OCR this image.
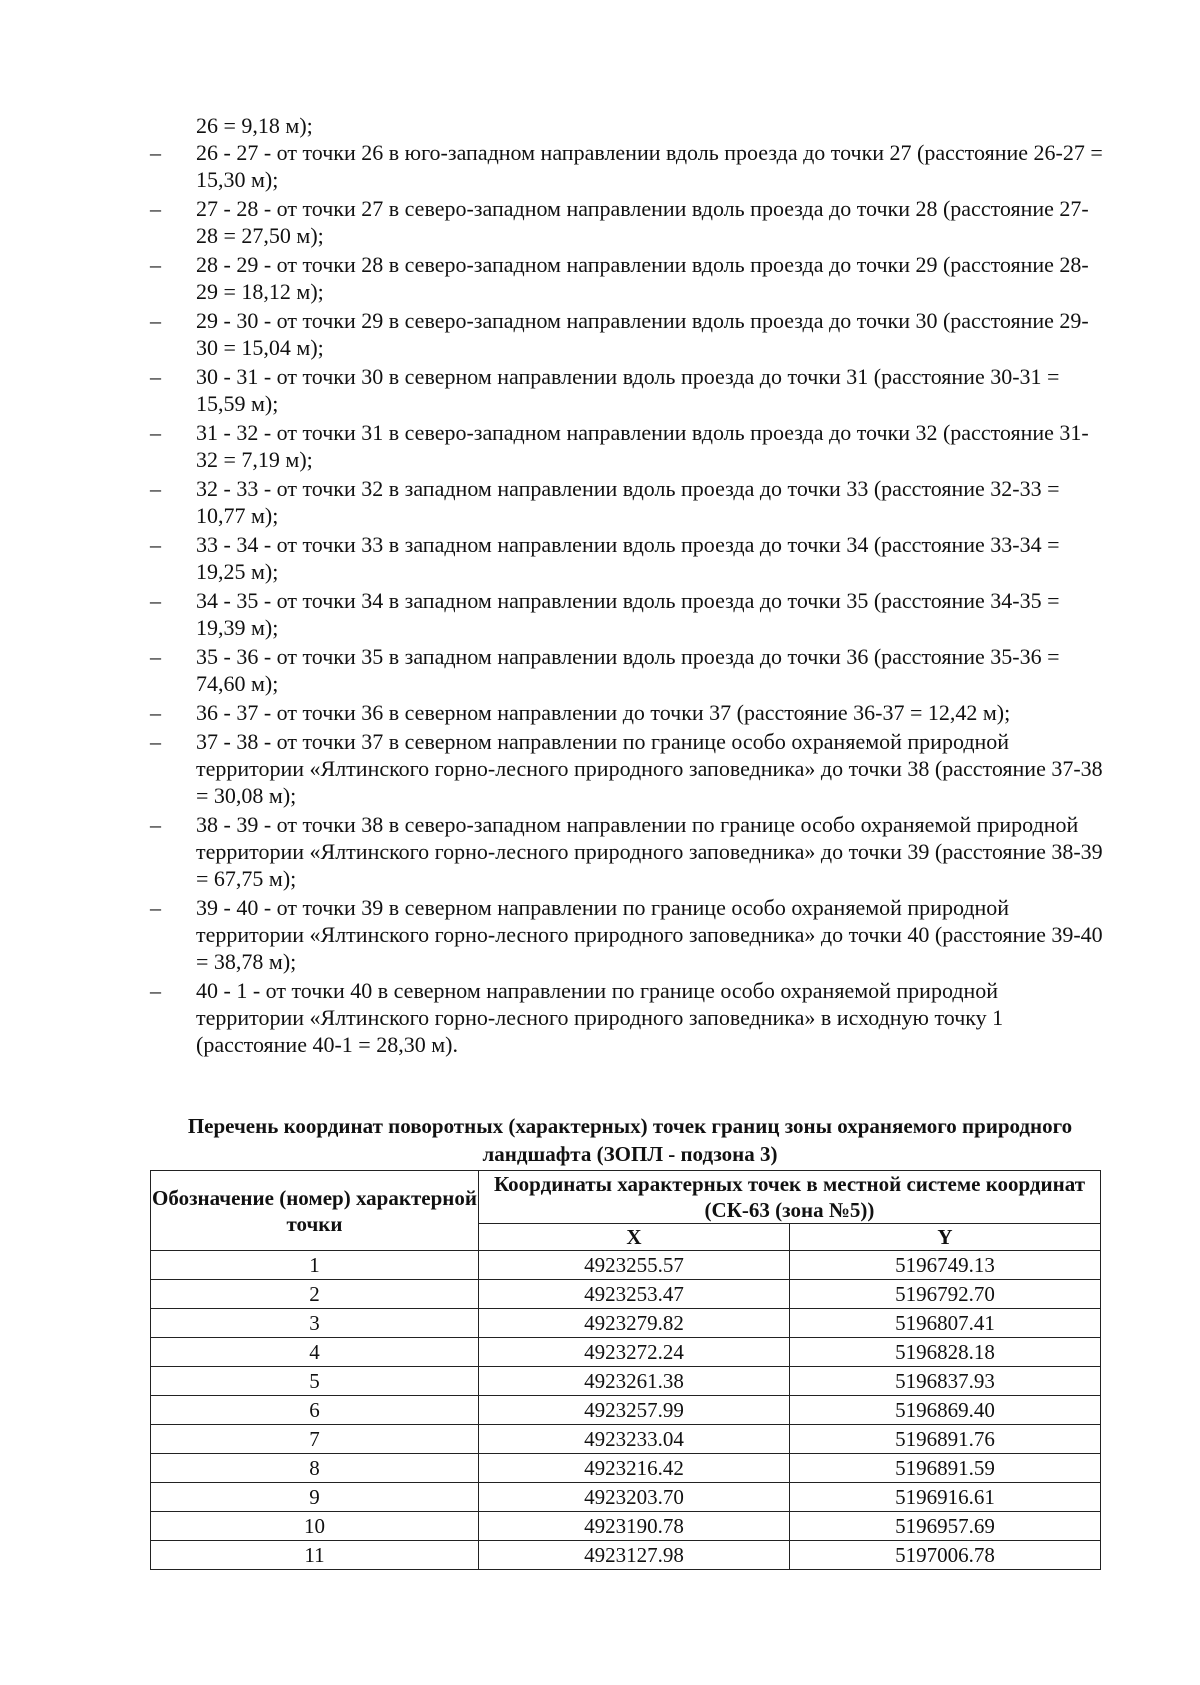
26 = 9,18 м);
– 26 - 27 - от точки 26 в юго-западном направлении вдоль проезда до точки 27 (расстояние 26-27 = 15,30 м);
– 27 - 28 - от точки 27 в северо-западном направлении вдоль проезда до точки 28 (расстояние 27-28 = 27,50 м);
– 28 - 29 - от точки 28 в северо-западном направлении вдоль проезда до точки 29 (расстояние 28-29 = 18,12 м);
– 29 - 30 - от точки 29 в северо-западном направлении вдоль проезда до точки 30 (расстояние 29-30 = 15,04 м);
– 30 - 31 - от точки 30 в северном направлении вдоль проезда до точки 31 (расстояние 30-31 = 15,59 м);
– 31 - 32 - от точки 31 в северо-западном направлении вдоль проезда до точки 32 (расстояние 31-32 = 7,19 м);
– 32 - 33 - от точки 32 в западном направлении вдоль проезда до точки 33 (расстояние 32-33 = 10,77 м);
– 33 - 34 - от точки 33 в западном направлении вдоль проезда до точки 34 (расстояние 33-34 = 19,25 м);
– 34 - 35 - от точки 34 в западном направлении вдоль проезда до точки 35 (расстояние 34-35 = 19,39 м);
– 35 - 36 - от точки 35 в западном направлении вдоль проезда до точки 36 (расстояние 35-36 = 74,60 м);
– 36 - 37 - от точки 36 в северном направлении до точки 37 (расстояние 36-37 = 12,42 м);
– 37 - 38 - от точки 37 в северном направлении по границе особо охраняемой природной территории «Ялтинского горно-лесного природного заповедника» до точки 38 (расстояние 37-38 = 30,08 м);
– 38 - 39 - от точки 38 в северо-западном направлении по границе особо охраняемой природной территории «Ялтинского горно-лесного природного заповедника» до точки 39 (расстояние 38-39 = 67,75 м);
– 39 - 40 - от точки 39 в северном направлении по границе особо охраняемой природной территории «Ялтинского горно-лесного природного заповедника» до точки 40 (расстояние 39-40 = 38,78 м);
– 40 - 1 - от точки 40 в северном направлении по границе особо охраняемой природной территории «Ялтинского горно-лесного природного заповедника» в исходную точку 1 (расстояние 40-1 = 28,30 м).
Перечень координат поворотных (характерных) точек границ зоны охраняемого природного ландшафта (ЗОПЛ - подзона 3)
Обозначение (номер) характерной точки	Координаты характерных точек в местной системе координат (СК-63 (зона №5))	
	X	Y
1	4923255.57	5196749.13
2	4923253.47	5196792.70
3	4923279.82	5196807.41
4	4923272.24	5196828.18
5	4923261.38	5196837.93
6	4923257.99	5196869.40
7	4923233.04	5196891.76
8	4923216.42	5196891.59
9	4923203.70	5196916.61
10	4923190.78	5196957.69
11	4923127.98	5197006.78
